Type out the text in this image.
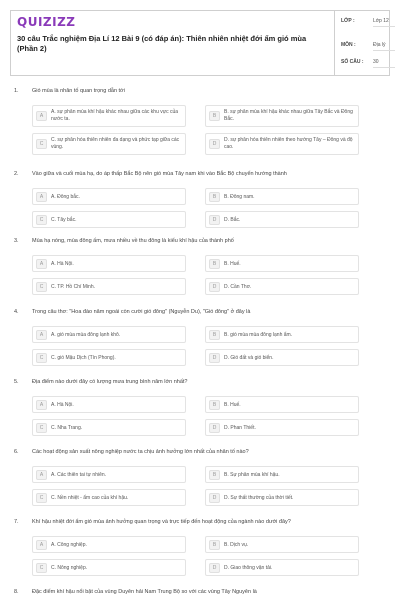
QUIZIZZ
30 câu Trắc nghiệm Địa Lí 12 Bài 9 (có đáp án): Thiên nhiên nhiệt đới ẩm gió mùa (Phần 2)
LỚP :	Lớp 12
MÔN :	Địa lý
SỐ CÂU : 30
1. Gió mùa là nhân tố quan trọng dẫn tới
A
A. sự phân mùa khí hậu khác nhau giữa các khu vực của nước ta.	B
B. sự phân mùa khí hậu khác nhau giữa Tây Bắc và Đông Bắc.
C
C. sự phân hóa thiên nhiên đa dạng và phức tạp giữa các vùng.	D
D. sự phân hóa thiên nhiên theo hướng Tây – Đông và độ cao.
2. Vào giữa và cuối mùa hạ, do áp thấp Bắc Bộ nên gió mùa Tây nam khi vào Bắc Bộ chuyển hướng thành
A	A. Đông bắc.	B	B. Đông nam.
C	C. Tây bắc.	D	D. Bắc.
3. Mùa hạ nóng, mùa đông ấm, mưa nhiều về thu đông là kiểu khí hậu của thành phố
A	A. Hà Nội.	B	B. Huế.
C	C. TP. Hồ Chí Minh.	D	D. Cần Thơ.
4. Trong câu thơ: "Hoa đào năm ngoái còn cười gió đông" (Nguyễn Du), "Gió đông" ở đây là
A	A. gió mùa mùa đông lạnh khô.	B	B. gió mùa mùa đông lạnh ẩm.
C	C. gió Mậu Dịch (Tín Phong).	D	D. Gió đất và gió biển.
5. Địa điểm nào dưới đây có lượng mưa trung bình năm lớn nhất?
A	A. Hà Nội.	B	B. Huế.
C	C. Nha Trang.	D	D. Phan Thiết.
6. Các hoạt động sản xuất nông nghiệp nước ta chịu ảnh hưởng lớn nhất của nhân tố nào?
A	A. Các thiên tai tự nhiên.	B	B. Sự phân mùa khí hậu.
C	C. Nền nhiệt - ẩm cao của khí hậu.	D	D. Sự thất thường của thời tiết.
7. Khí hậu nhiệt đới ẩm gió mùa ảnh hưởng quan trọng và trực tiếp đến hoạt động của ngành nào dưới đây?
A	A. Công nghiệp.	B	B. Dịch vụ.
C	C. Nông nghiệp.	D	D. Giao thông vận tải.
8. Đặc điểm khí hậu nổi bật của vùng Duyên hải Nam Trung Bộ so với các vùng Tây Nguyên là
